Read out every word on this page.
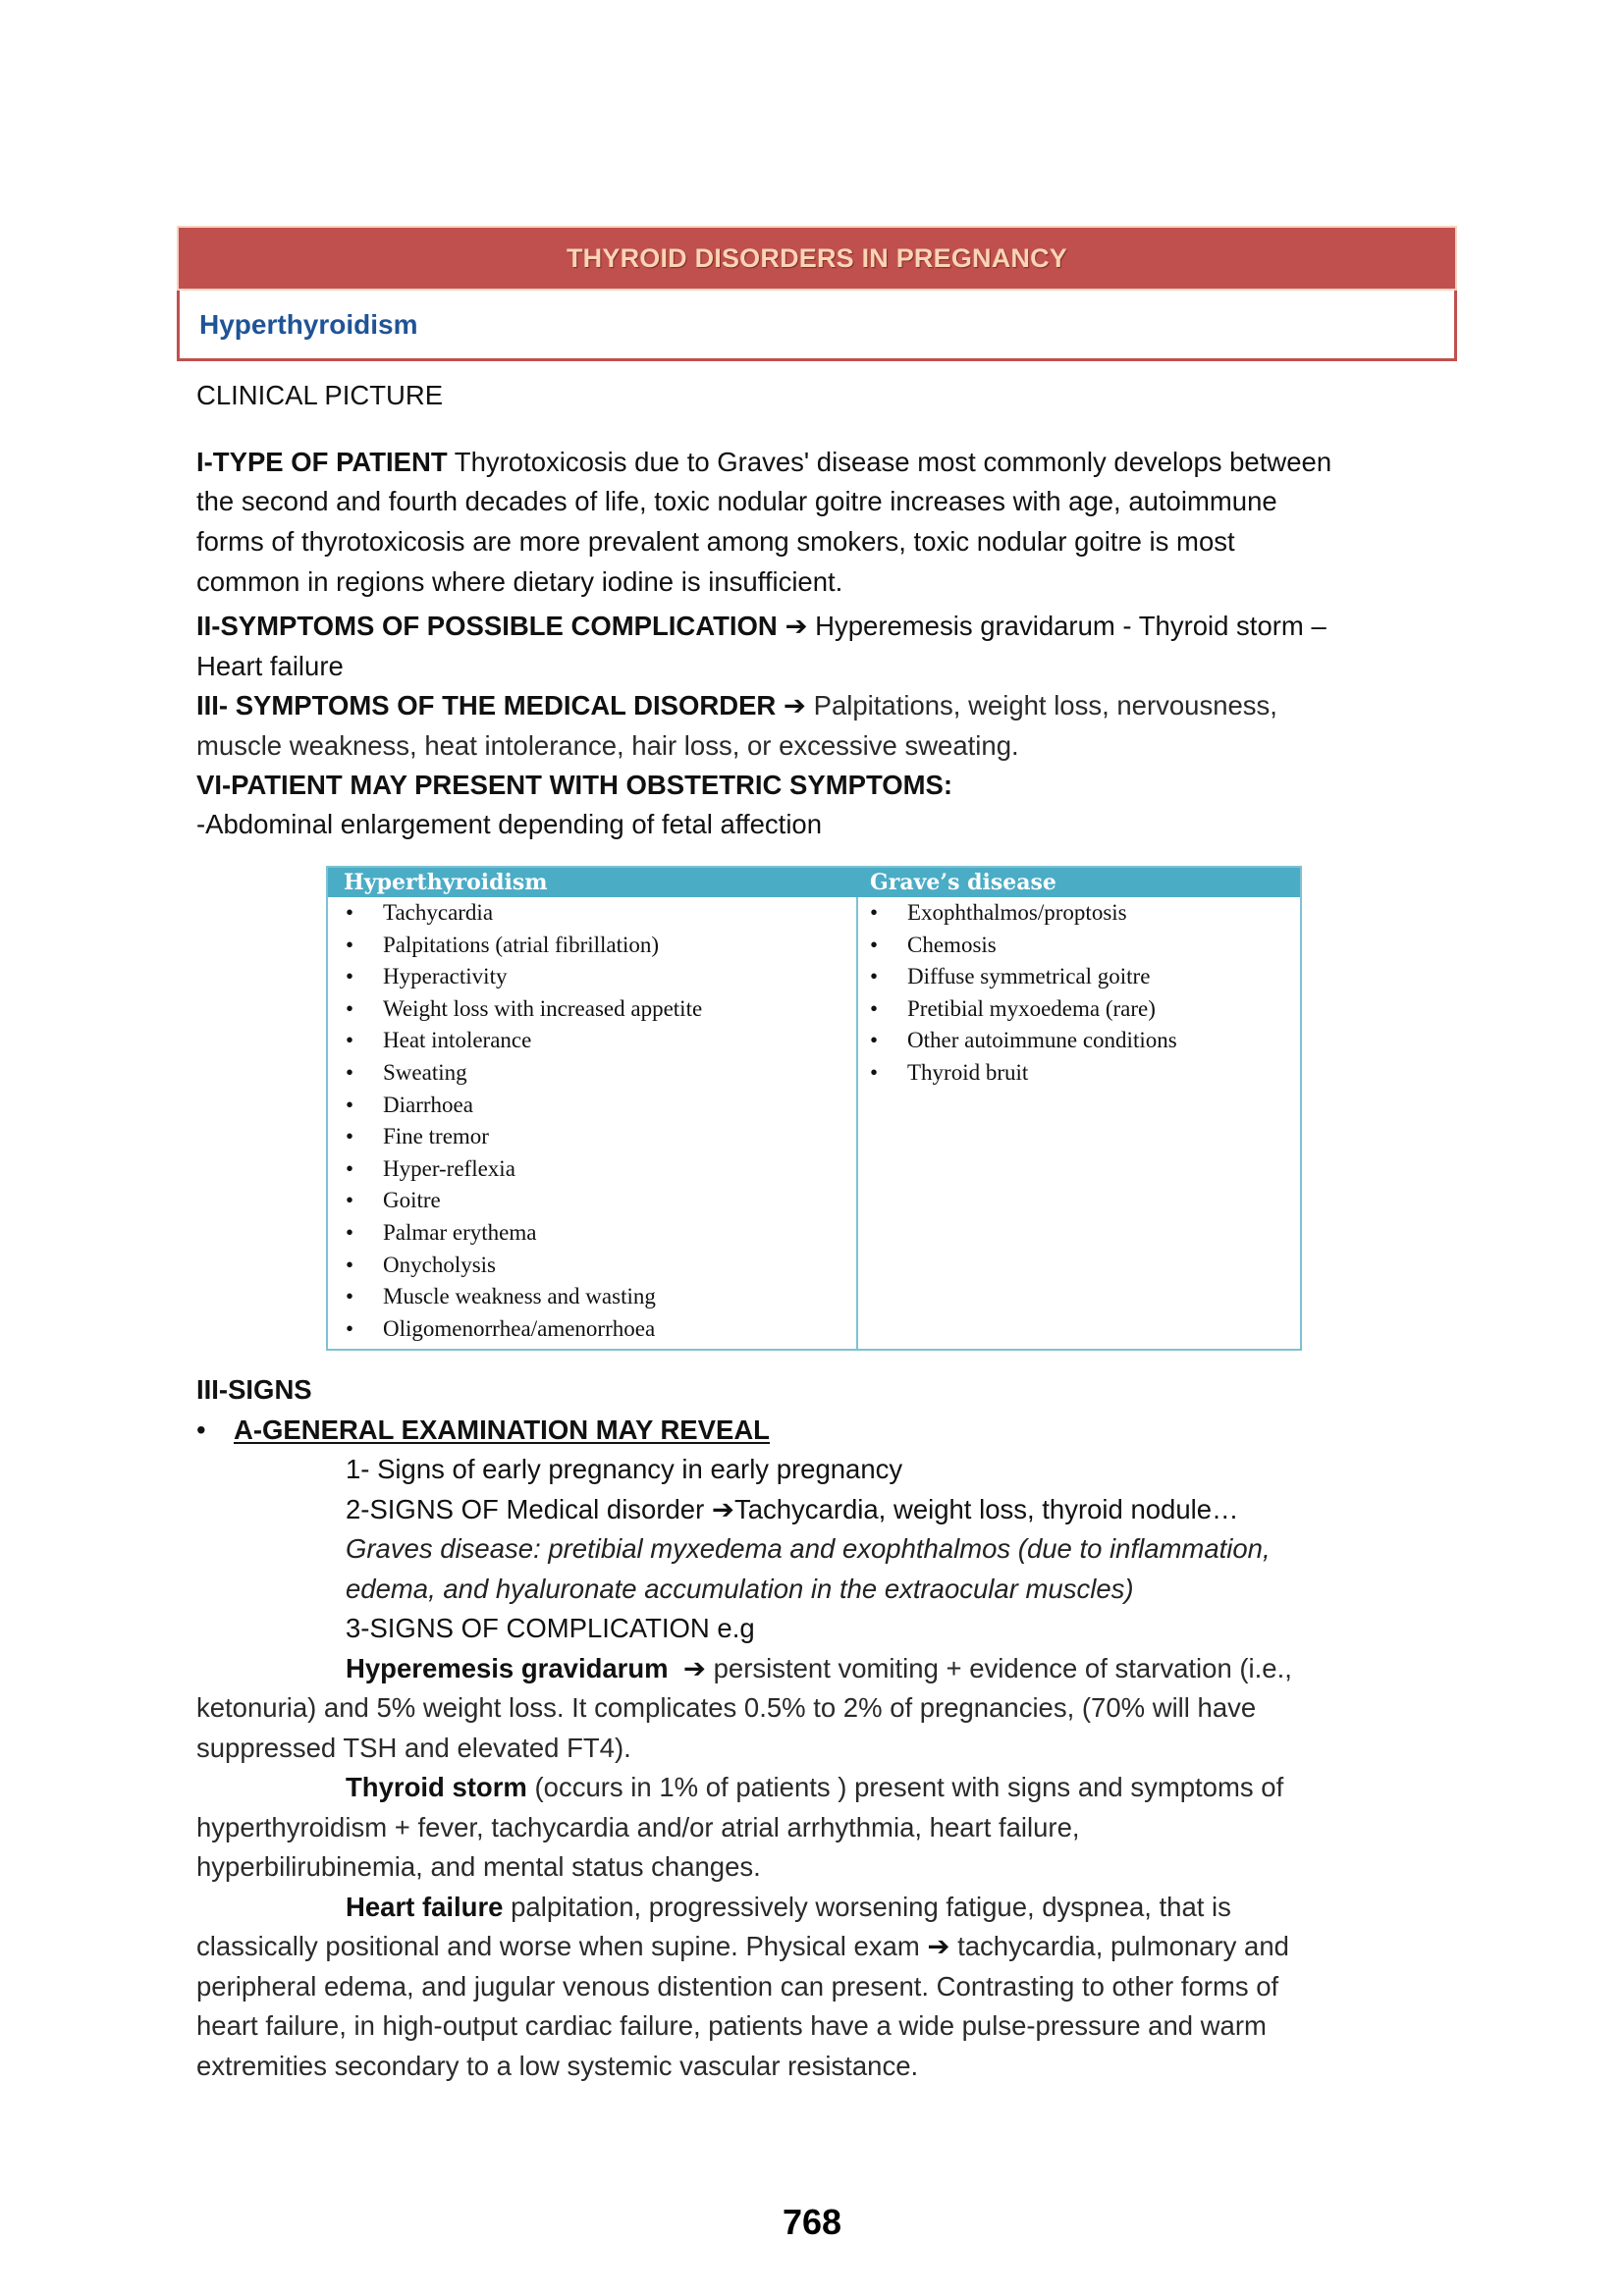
THYROID DISORDERS IN PREGNANCY
Hyperthyroidism
CLINICAL PICTURE
I-TYPE OF PATIENT Thyrotoxicosis due to Graves' disease most commonly develops between
the second and fourth decades of life, toxic nodular goitre increases with age, autoimmune
forms of thyrotoxicosis are more prevalent among smokers, toxic nodular goitre is most
common in regions where dietary iodine is insufficient.
II-SYMPTOMS OF POSSIBLE COMPLICATION ➔ Hyperemesis gravidarum - Thyroid storm –
Heart failure
III- SYMPTOMS OF THE MEDICAL DISORDER ➔ Palpitations, weight loss, nervousness,
muscle weakness, heat intolerance, hair loss, or excessive sweating.
VI-PATIENT MAY PRESENT WITH OBSTETRIC SYMPTOMS:
-Abdominal enlargement depending of fetal affection
Hyperthyroidism	Grave’s disease
• Tachycardia
• Palpitations (atrial fibrillation)
• Hyperactivity
• Weight loss with increased appetite
• Heat intolerance
• Sweating
• Diarrhoea
• Fine tremor
• Hyper-reflexia
• Goitre
• Palmar erythema
• Onycholysis
• Muscle weakness and wasting
• Oligomenorrhea/amenorrhoea
• Exophthalmos/proptosis
• Chemosis
• Diffuse symmetrical goitre
• Pretibial myxoedema (rare)
• Other autoimmune conditions
• Thyroid bruit
III-SIGNS
• A-GENERAL EXAMINATION MAY REVEAL
1- Signs of early pregnancy in early pregnancy
2-SIGNS OF Medical disorder ➔Tachycardia, weight loss, thyroid nodule…
Graves disease: pretibial myxedema and exophthalmos (due to inflammation,
edema, and hyaluronate accumulation in the extraocular muscles)
3-SIGNS OF COMPLICATION e.g
Hyperemesis gravidarum ➔ persistent vomiting + evidence of starvation (i.e.,
ketonuria) and 5% weight loss. It complicates 0.5% to 2% of pregnancies, (70% will have
suppressed TSH and elevated FT4).
Thyroid storm (occurs in 1% of patients ) present with signs and symptoms of
hyperthyroidism + fever, tachycardia and/or atrial arrhythmia, heart failure,
hyperbilirubinemia, and mental status changes.
Heart failure palpitation, progressively worsening fatigue, dyspnea, that is
classically positional and worse when supine. Physical exam ➔ tachycardia, pulmonary and
peripheral edema, and jugular venous distention can present. Contrasting to other forms of
heart failure, in high-output cardiac failure, patients have a wide pulse-pressure and warm
extremities secondary to a low systemic vascular resistance.
768
